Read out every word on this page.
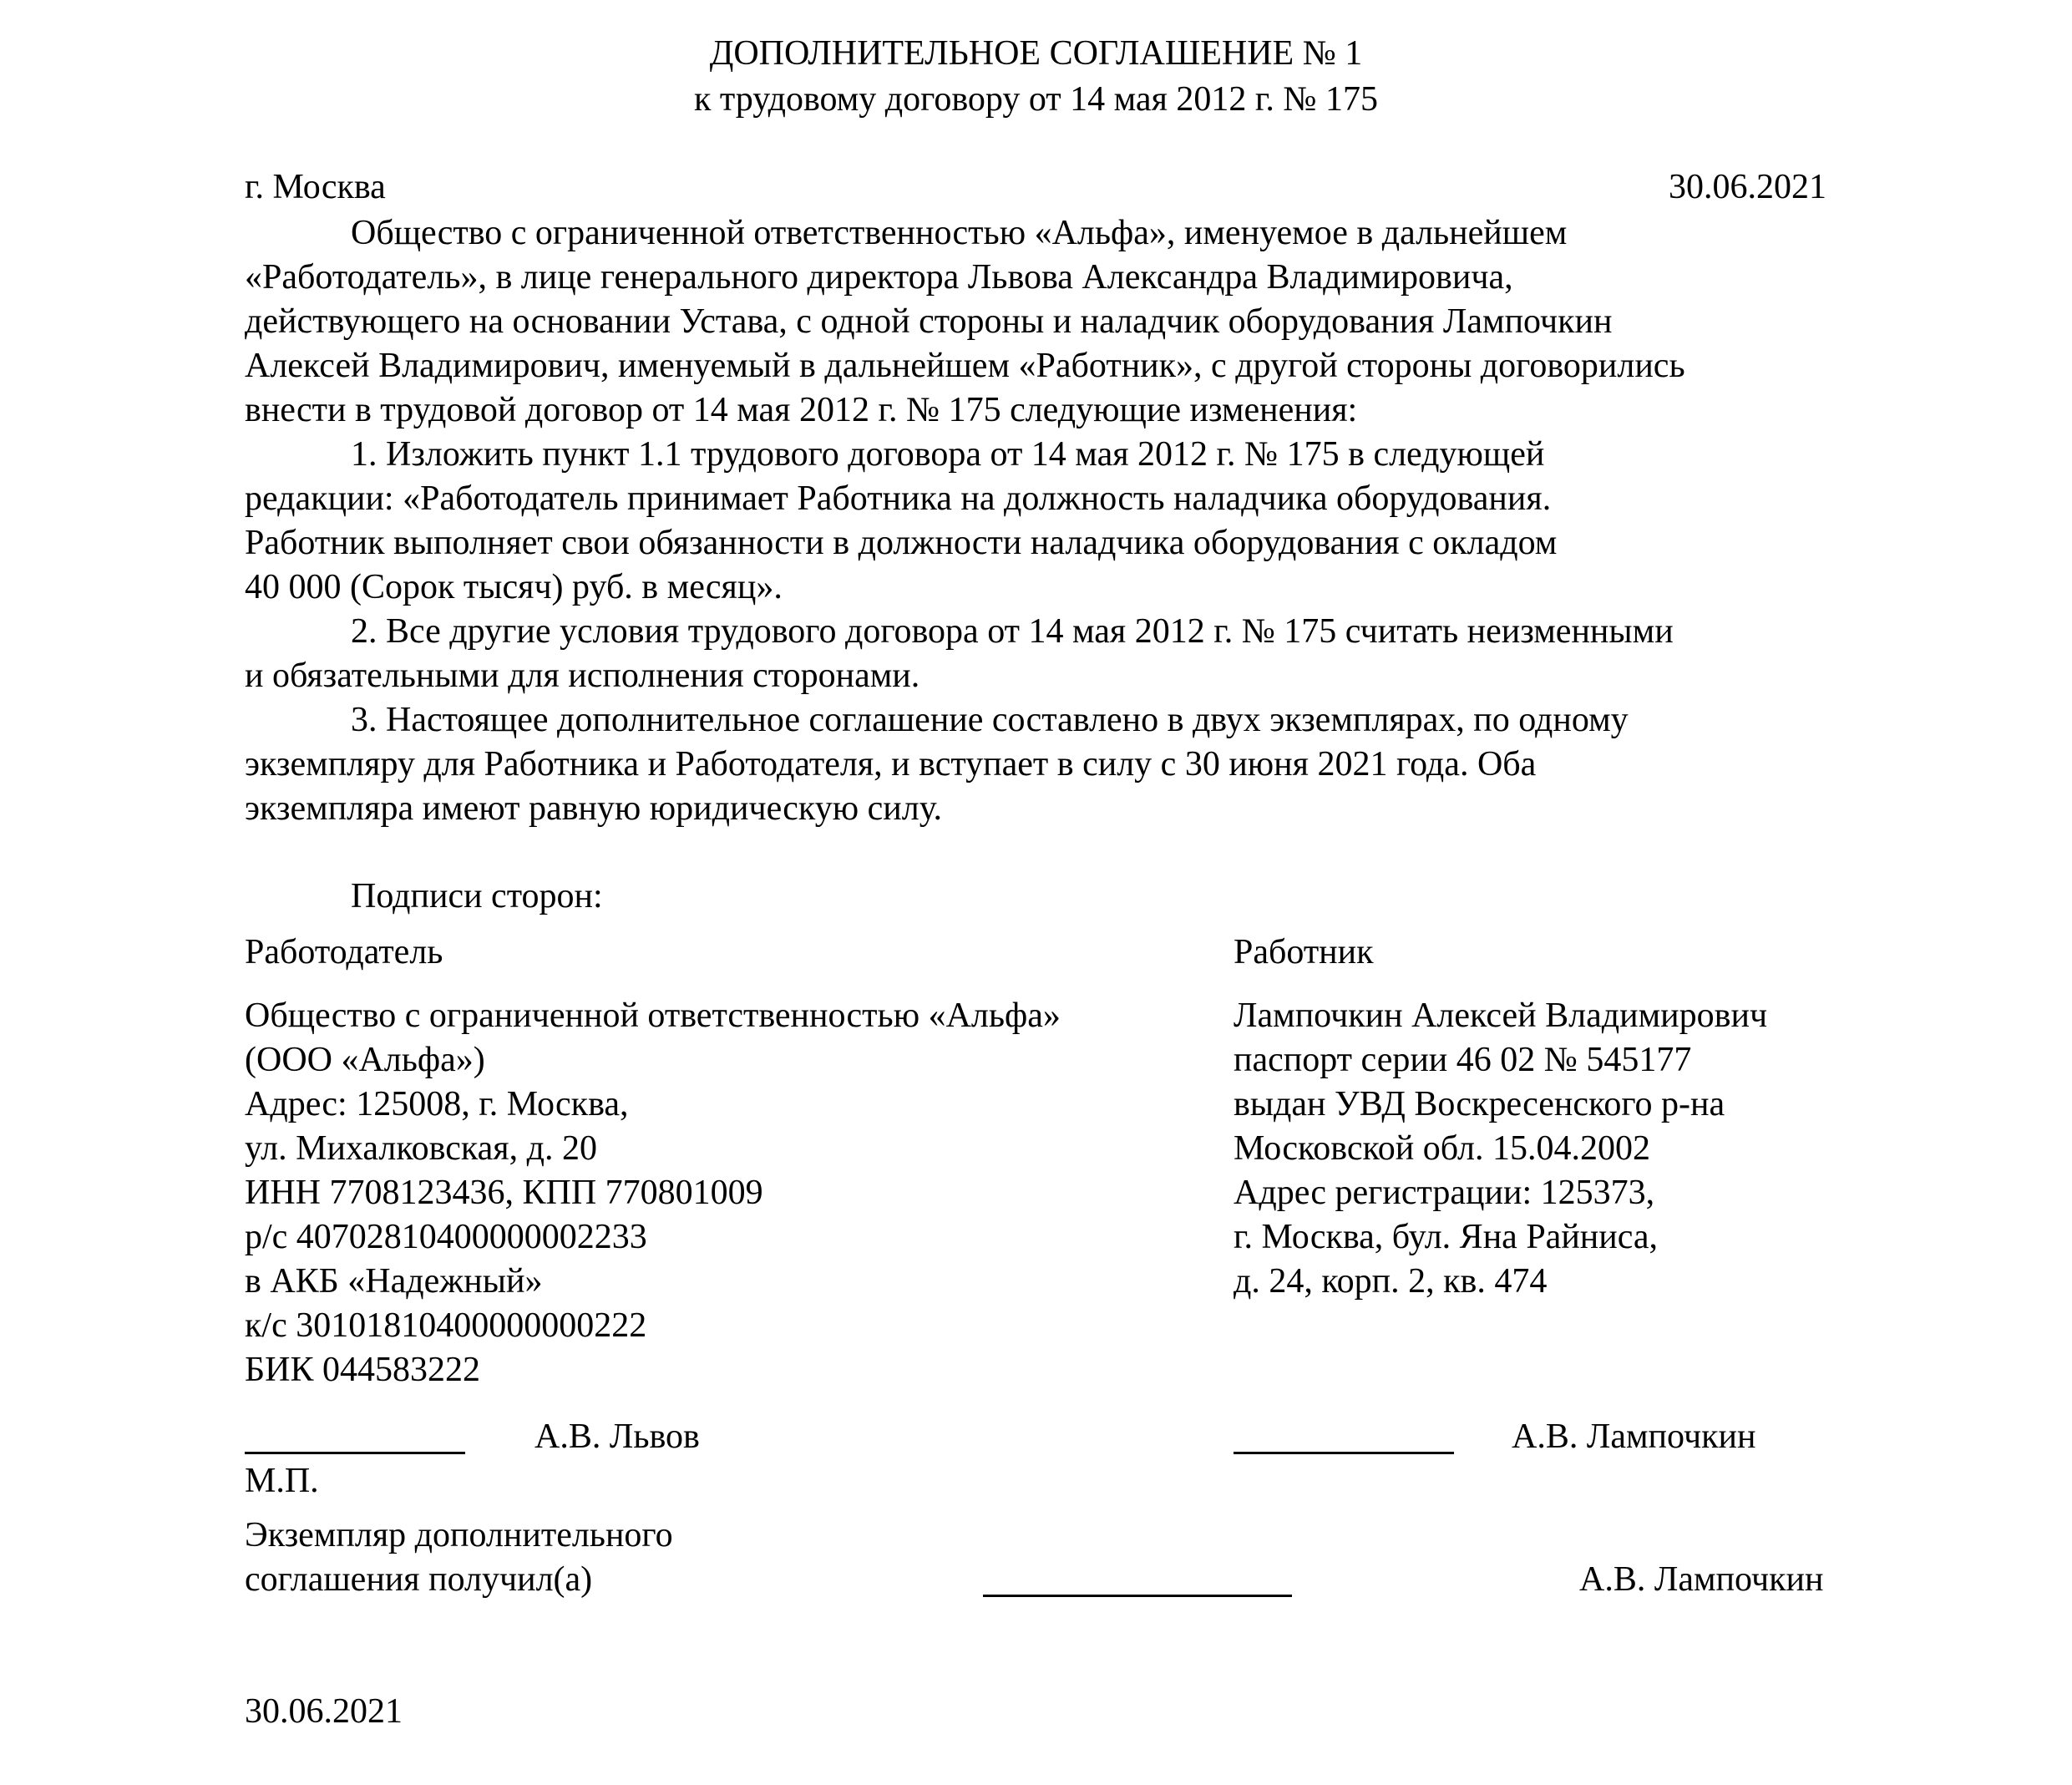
ДОПОЛНИТЕЛЬНОЕ СОГЛАШЕНИЕ № 1
к трудовому договору от 14 мая 2012 г. № 175
г. Москва	30.06.2021
Общество с ограниченной ответственностью «Альфа», именуемое в дальнейшем
«Работодатель», в лице генерального директора Львова Александра Владимировича,
действующего на основании Устава, с одной стороны и наладчик оборудования Лампочкин
Алексей Владимирович, именуемый в дальнейшем «Работник», с другой стороны договорились
внести в трудовой договор от 14 мая 2012 г. № 175 следующие изменения:
1. Изложить пункт 1.1 трудового договора от 14 мая 2012 г. № 175 в следующей
редакции: «Работодатель принимает Работника на должность наладчика оборудования.
Работник выполняет свои обязанности в должности наладчика оборудования с окладом
40 000 (Сорок тысяч) руб. в месяц».
2. Все другие условия трудового договора от 14 мая 2012 г. № 175 считать неизменными
и обязательными для исполнения сторонами.
3. Настоящее дополнительное соглашение составлено в двух экземплярах, по одному
экземпляру для Работника и Работодателя, и вступает в силу с 30 июня 2021 года. Оба
экземпляра имеют равную юридическую силу.
Подписи сторон:
Работодатель
Общество с ограниченной ответственностью «Альфа»
(ООО «Альфа»)
Адрес: 125008, г. Москва,
ул. Михалковская, д. 20
ИНН 7708123436, КПП 770801009
р/с 40702810400000002233
в АКБ «Надежный»
к/с 30101810400000000222
БИК 044583222
А.В. Львов
М.П.
Работник
Лампочкин Алексей Владимирович
паспорт серии 46 02 № 545177
выдан УВД Воскресенского р-на
Московской обл. 15.04.2002
Адрес регистрации: 125373,
г. Москва, бул. Яна Райниса,
д. 24, корп. 2, кв. 474
А.В. Лампочкин
Экземпляр дополнительного
соглашения получил(а)	А.В. Лампочкин
30.06.2021
